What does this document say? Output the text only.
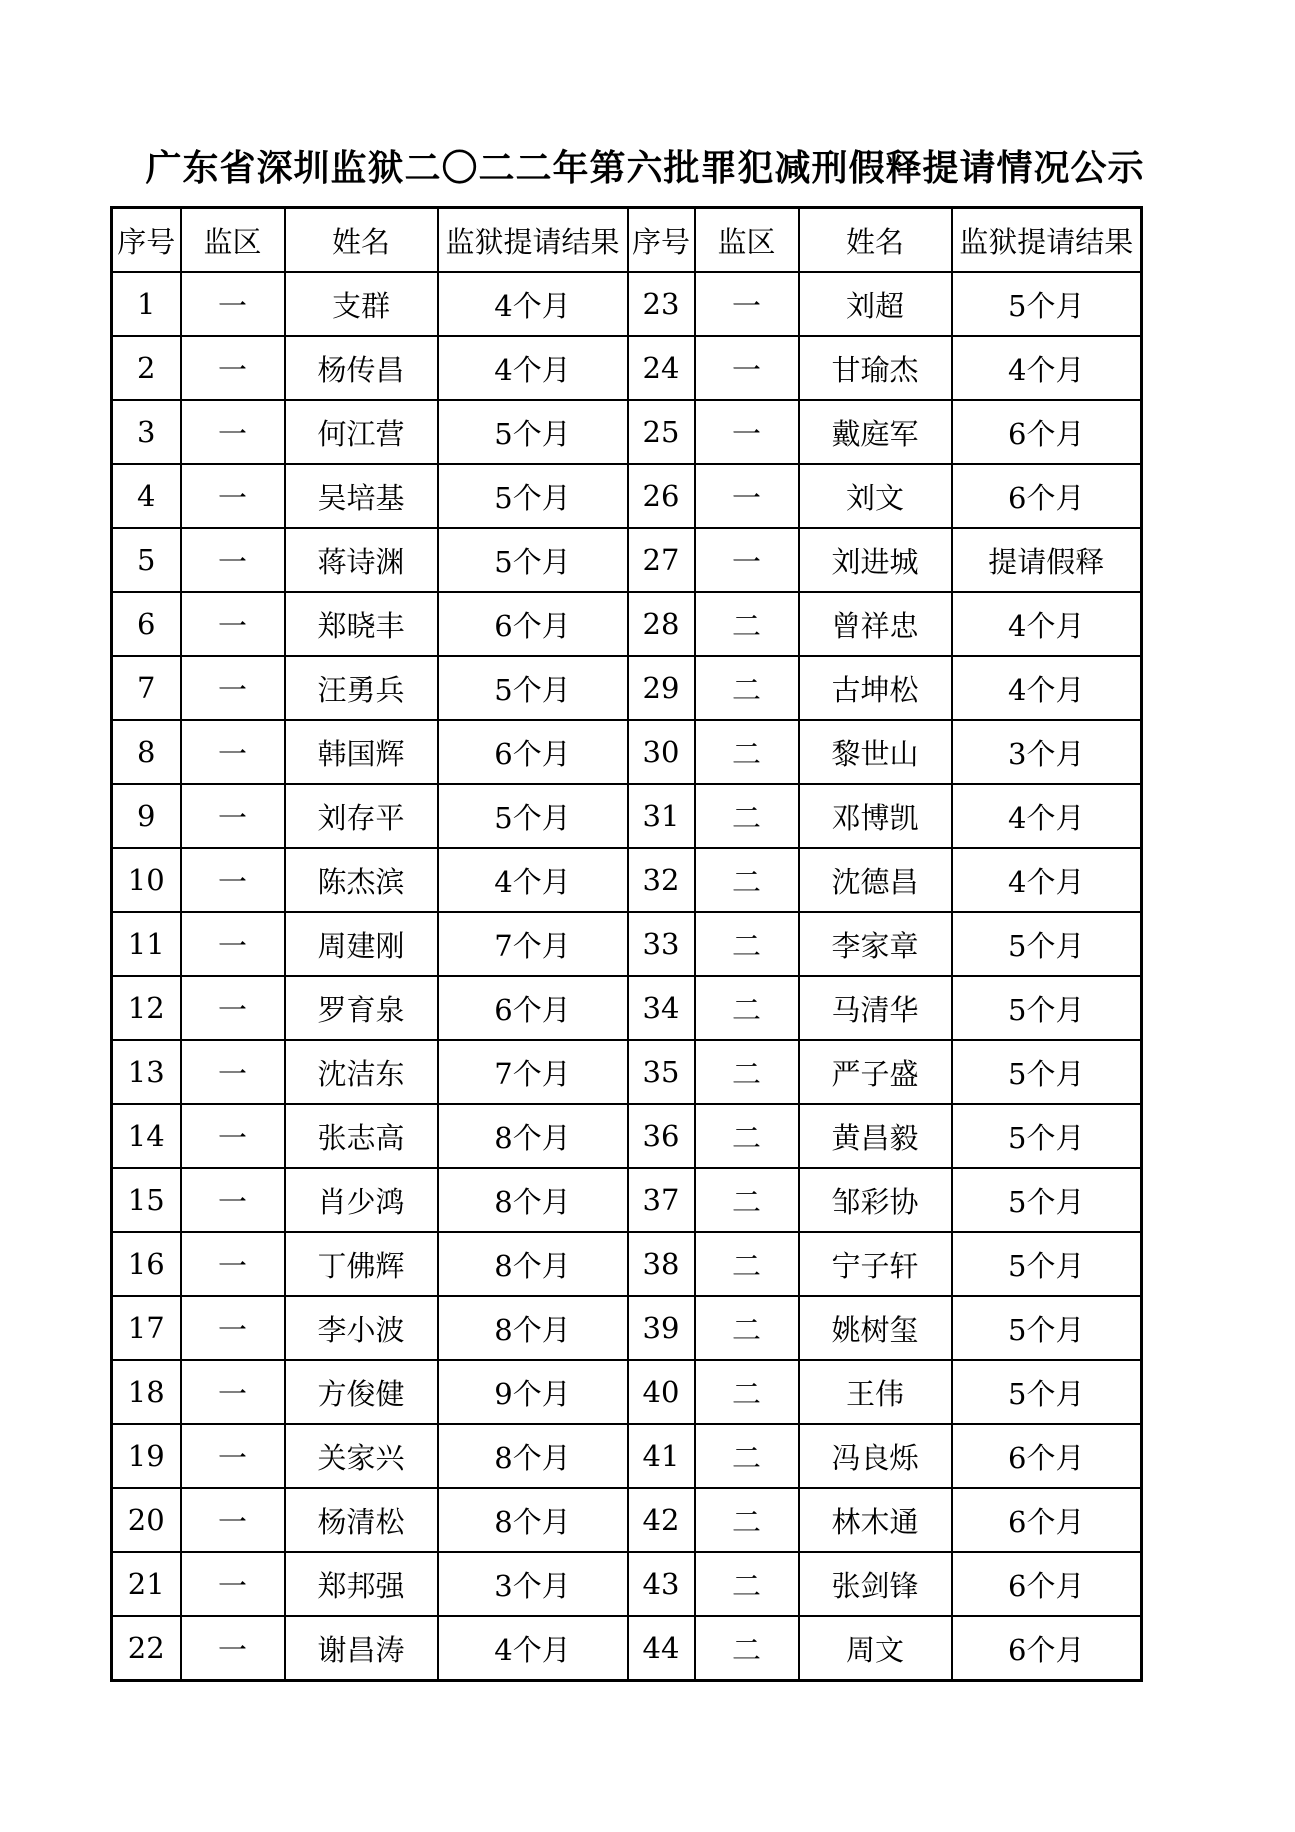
广东省深圳监狱二〇二二年第六批罪犯减刑假释提请情况公示
序号	监区	姓名	监狱提请结果	序号	监区	姓名	监狱提请结果
1	一	支群	4个月	23	一	刘超	5个月
2	一	杨传昌	4个月	24	一	甘瑜杰	4个月
3	一	何江营	5个月	25	一	戴庭军	6个月
4	一	吴培基	5个月	26	一	刘文	6个月
5	一	蒋诗渊	5个月	27	一	刘进城	提请假释
6	一	郑晓丰	6个月	28	二	曾祥忠	4个月
7	一	汪勇兵	5个月	29	二	古坤松	4个月
8	一	韩国辉	6个月	30	二	黎世山	3个月
9	一	刘存平	5个月	31	二	邓博凯	4个月
10	一	陈杰滨	4个月	32	二	沈德昌	4个月
11	一	周建刚	7个月	33	二	李家章	5个月
12	一	罗育泉	6个月	34	二	马清华	5个月
13	一	沈洁东	7个月	35	二	严子盛	5个月
14	一	张志高	8个月	36	二	黄昌毅	5个月
15	一	肖少鸿	8个月	37	二	邹彩协	5个月
16	一	丁佛辉	8个月	38	二	宁子轩	5个月
17	一	李小波	8个月	39	二	姚树玺	5个月
18	一	方俊健	9个月	40	二	王伟	5个月
19	一	关家兴	8个月	41	二	冯良烁	6个月
20	一	杨清松	8个月	42	二	林木通	6个月
21	一	郑邦强	3个月	43	二	张剑锋	6个月
22	一	谢昌涛	4个月	44	二	周文	6个月
